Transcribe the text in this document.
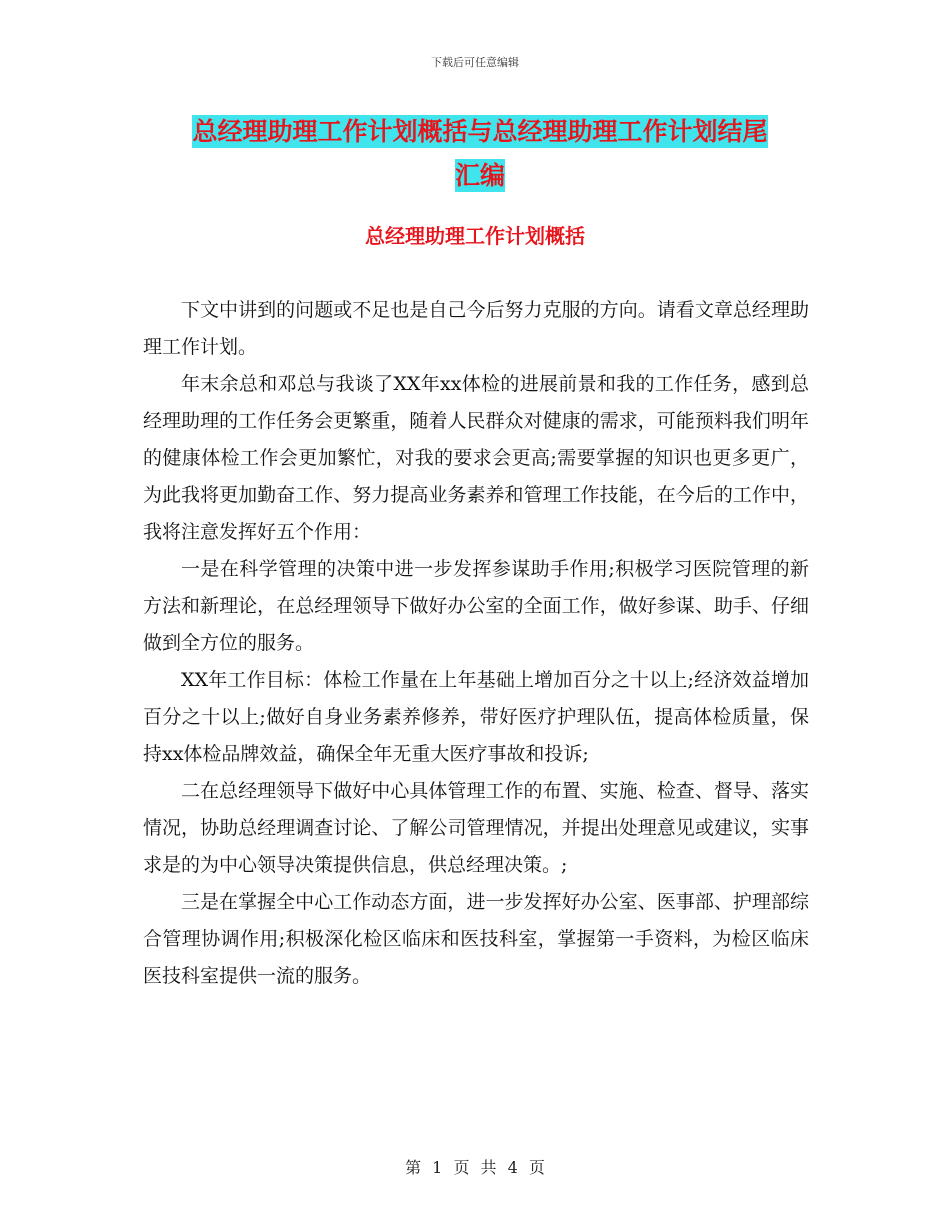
下载后可任意编辑
总经理助理工作计划概括与总经理助理工作计划结尾
汇编
总经理助理工作计划概括

下文中讲到的问题或不足也是自己今后努力克服的方向。请看文章总经理助理工作计划。

年末余总和邓总与我谈了XX年xx体检的进展前景和我的工作任务，感到总经理助理的工作任务会更繁重，随着人民群众对健康的需求，可能预料我们明年的健康体检工作会更加繁忙，对我的要求会更高;需要掌握的知识也更多更广，为此我将更加勤奋工作、努力提高业务素养和管理工作技能，在今后的工作中，我将注意发挥好五个作用：

一是在科学管理的决策中进一步发挥参谋助手作用;积极学习医院管理的新方法和新理论，在总经理领导下做好办公室的全面工作，做好参谋、助手、仔细做到全方位的服务。

XX年工作目标：体检工作量在上年基础上增加百分之十以上;经济效益增加百分之十以上;做好自身业务素养修养，带好医疗护理队伍，提高体检质量，保持xx体检品牌效益，确保全年无重大医疗事故和投诉;

二在总经理领导下做好中心具体管理工作的布置、实施、检查、督导、落实情况，协助总经理调查讨论、了解公司管理情况，并提出处理意见或建议，实事求是的为中心领导决策提供信息，供总经理决策。;

三是在掌握全中心工作动态方面，进一步发挥好办公室、医事部、护理部综合管理协调作用;积极深化检区临床和医技科室，掌握第一手资料，为检区临床医技科室提供一流的服务。

第 1 页 共 4 页
